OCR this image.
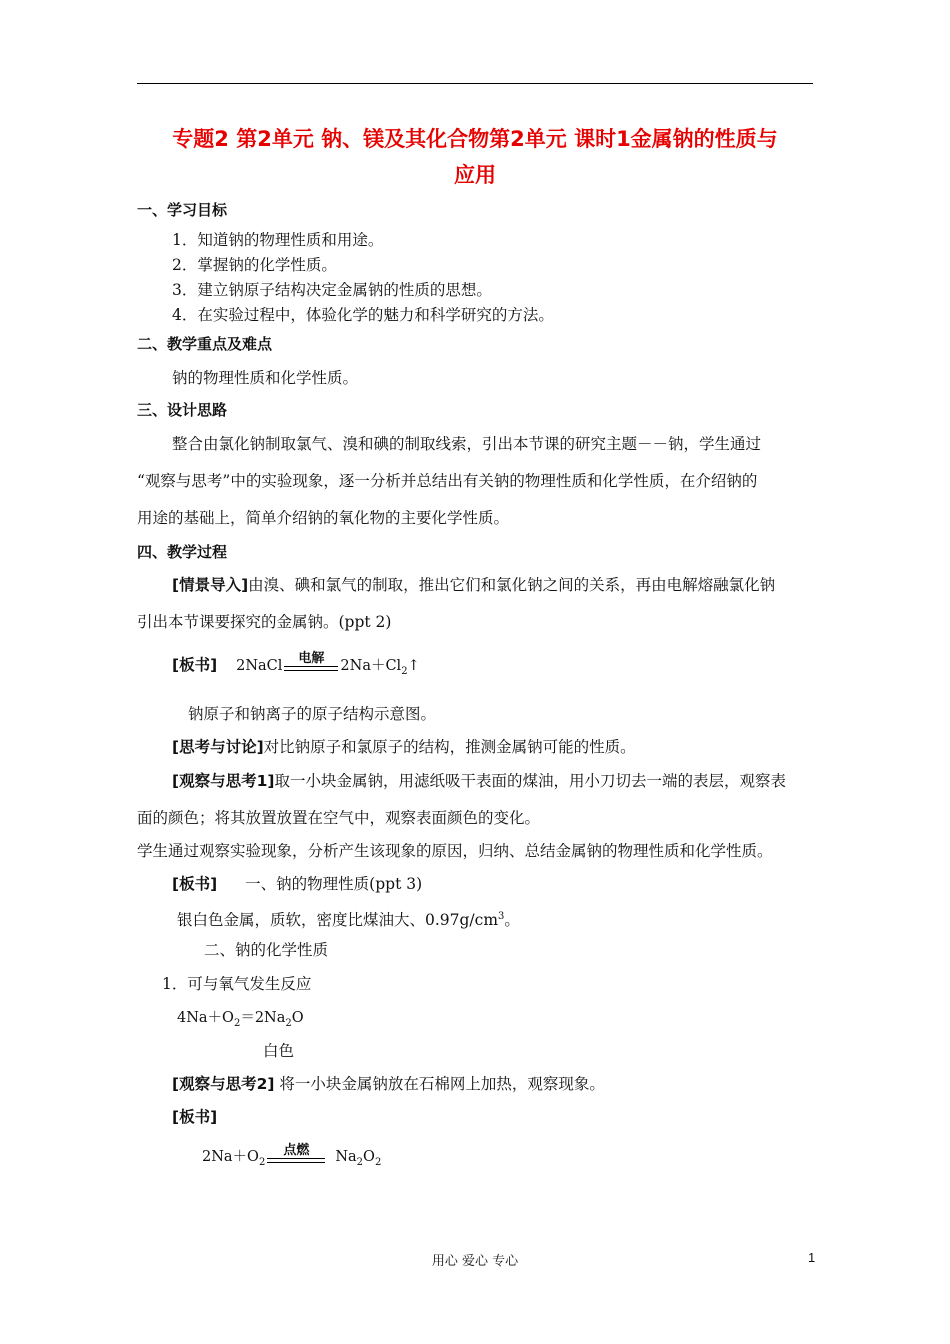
专题2 第2单元 钠、镁及其化合物第2单元 课时1金属钠的性质与
应用
一、学习目标
1．知道钠的物理性质和用途。
2．掌握钠的化学性质。
3．建立钠原子结构决定金属钠的性质的思想。
4．在实验过程中，体验化学的魅力和科学研究的方法。
二、教学重点及难点
钠的物理性质和化学性质。
三、设计思路
整合由氯化钠制取氯气、溴和碘的制取线索，引出本节课的研究主题－－钠，学生通过
“观察与思考”中的实验现象，逐一分析并总结出有关钠的物理性质和化学性质，在介绍钠的
用途的基础上，简单介绍钠的氧化物的主要化学性质。
四、教学过程
[情景导入]由溴、碘和氯气的制取，推出它们和氯化钠之间的关系，再由电解熔融氯化钠
引出本节课要探究的金属钠。(ppt 2)
[板书] 2NaCl	电解	$2Na+Cl_2↑$
钠原子和钠离子的原子结构示意图。
[思考与讨论]对比钠原子和氯原子的结构，推测金属钠可能的性质。
[观察与思考1]取一小块金属钠，用滤纸吸干表面的煤油，用小刀切去一端的表层，观察表
面的颜色；将其放置放置在空气中，观察表面颜色的变化。
学生通过观察实验现象，分析产生该现象的原因，归纳、总结金属钠的物理性质和化学性质。
[板书] 一、钠的物理性质(ppt 3)
银白色金属，质软，密度比煤油大、$0.97g/cm^3$。
二、钠的化学性质
1．可与氧气发生反应
$4Na+O_2=2Na_2O$
白色
[观察与思考2] 将一小块金属钠放在石棉网上加热，观察现象。
[板书]
$2Na+O_2$
点燃	$Na_2O_2$
用心 爱心 专心	1
